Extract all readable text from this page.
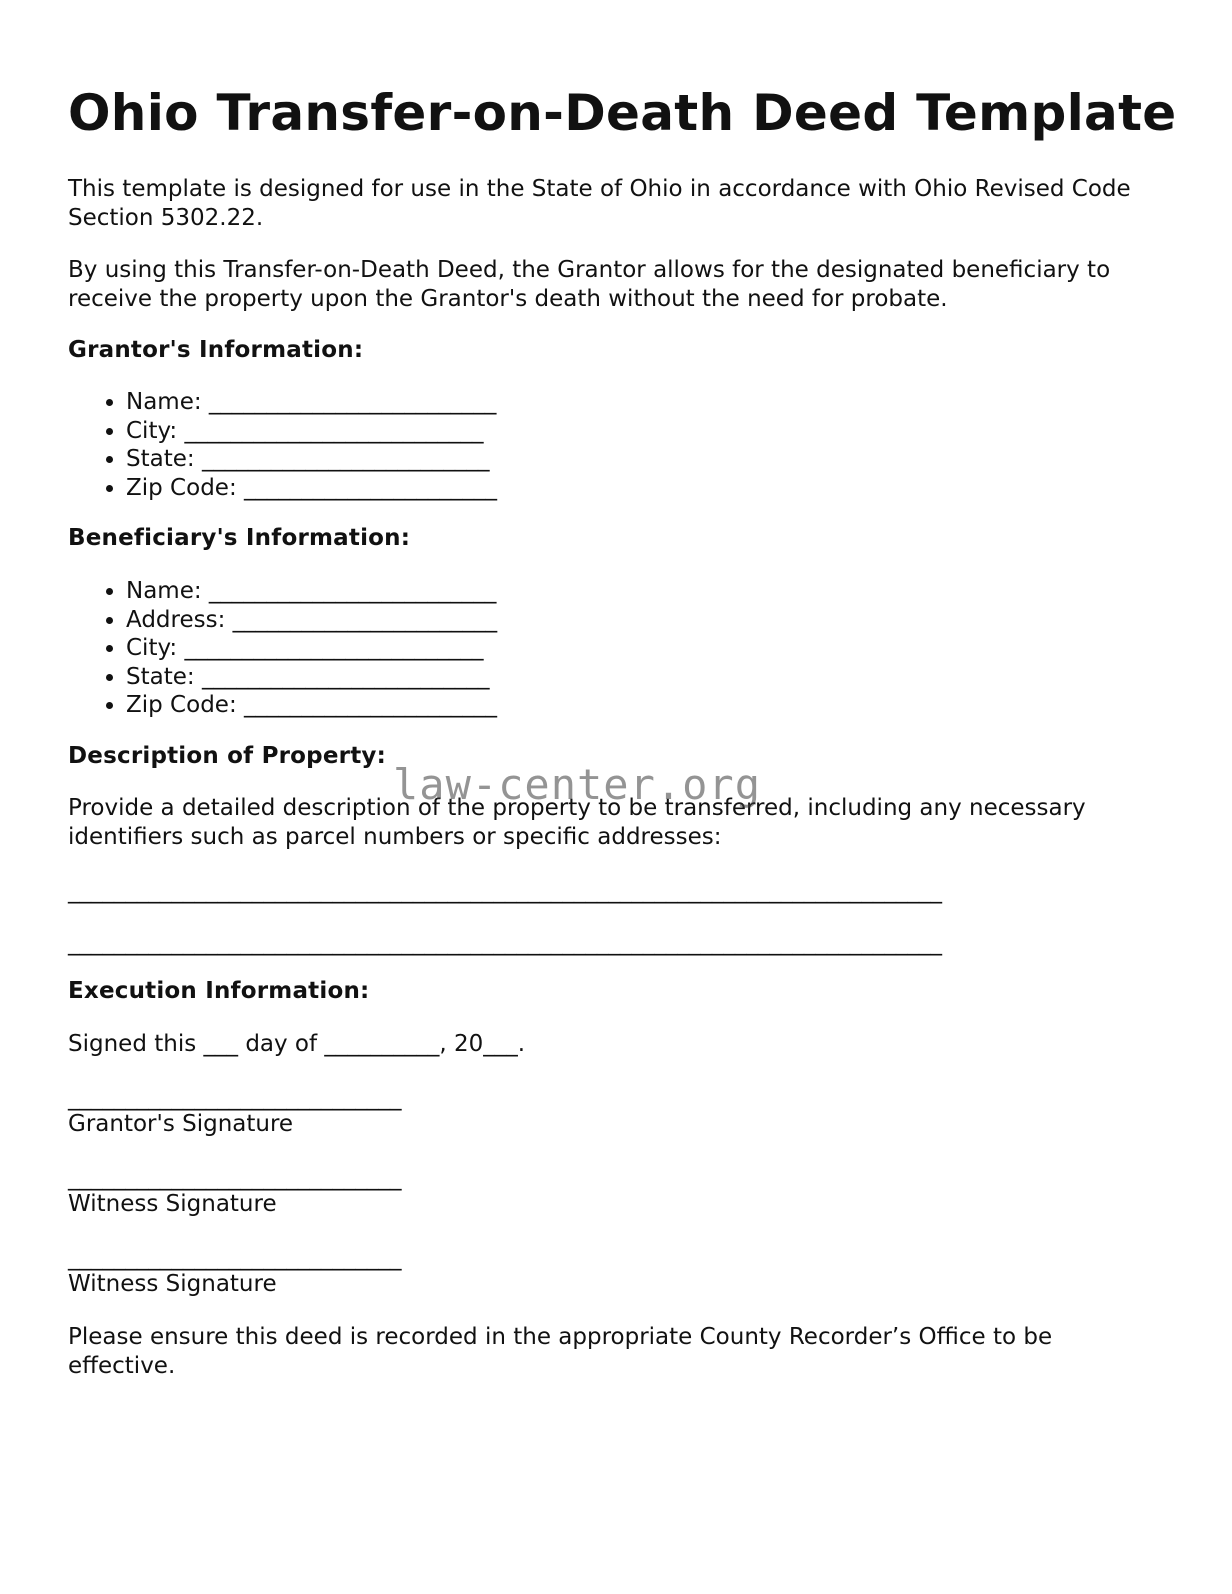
Ohio Transfer-on-Death Deed Template

This template is designed for use in the State of Ohio in accordance with Ohio Revised Code Section 5302.22.

By using this Transfer-on-Death Deed, the Grantor allows for the designated beneficiary to receive the property upon the Grantor's death without the need for probate.

Grantor's Information:
• Name: _________________________
• City: __________________________
• State: _________________________
• Zip Code: ______________________
Beneficiary's Information:
• Name: _________________________
• Address: _______________________
• City: __________________________
• State: _________________________
• Zip Code: ______________________
Description of Property:

Provide a detailed description of the property to be transferred, including any necessary identifiers such as parcel numbers or specific addresses:

____________________________________________________________________________

____________________________________________________________________________

Execution Information:

Signed this ___ day of __________, 20___.

_____________________________

Grantor's Signature

_____________________________

Witness Signature

_____________________________

Witness Signature

Please ensure this deed is recorded in the appropriate County Recorder’s Office to be effective.

law-center.org
